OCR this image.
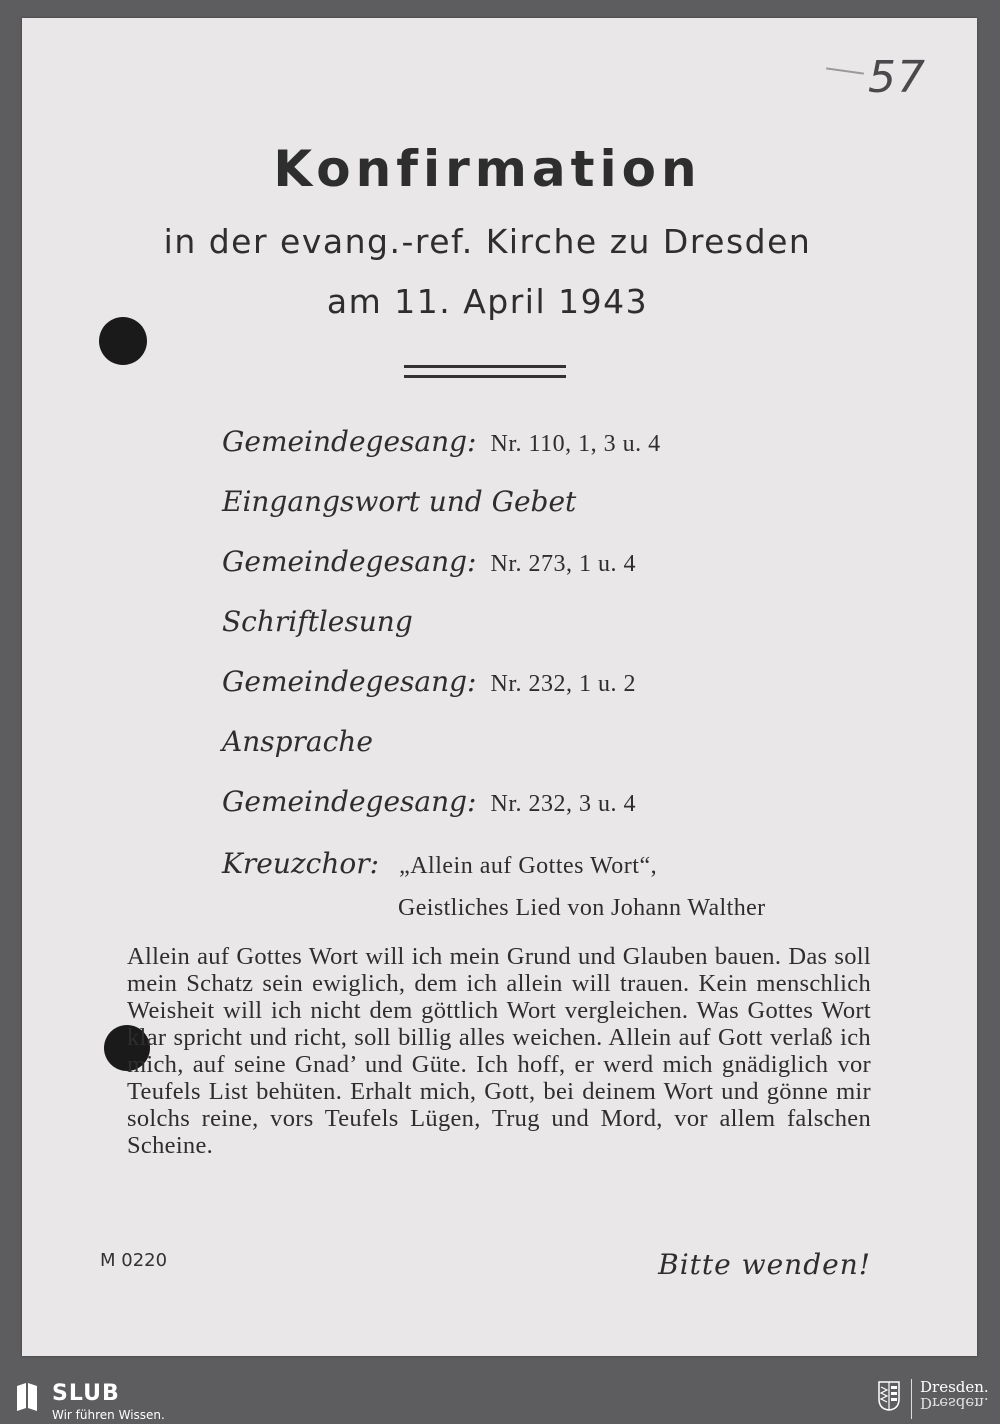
57
Konfirmation
in der evang.-ref. Kirche zu Dresden
am 11. April 1943
Gemeindegesang: Nr. 110, 1, 3 u. 4
Eingangswort und Gebet
Gemeindegesang: Nr. 273, 1 u. 4
Schriftlesung
Gemeindegesang: Nr. 232, 1 u. 2
Ansprache
Gemeindegesang: Nr. 232, 3 u. 4
Kreuzchor: „Allein auf Gottes Wort“,
Geistliches Lied von Johann Walther
Allein auf Gottes Wort will ich mein Grund und Glauben bauen. Das soll mein Schatz sein ewiglich, dem ich allein will trauen. Kein menschlich Weisheit will ich nicht dem göttlich Wort vergleichen. Was Gottes Wort klar spricht und richt, soll billig alles weichen. Allein auf Gott verlaß ich mich, auf seine Gnad’ und Güte. Ich hoff, er werd mich gnädiglich vor Teufels List behüten. Erhalt mich, Gott, bei deinem Wort und gönne mir solchs reine, vors Teufels Lügen, Trug und Mord, vor allem falschen Scheine.
M 0220	Bitte wenden!
SLUB
Wir führen Wissen.
Dresden.
Dresden.
